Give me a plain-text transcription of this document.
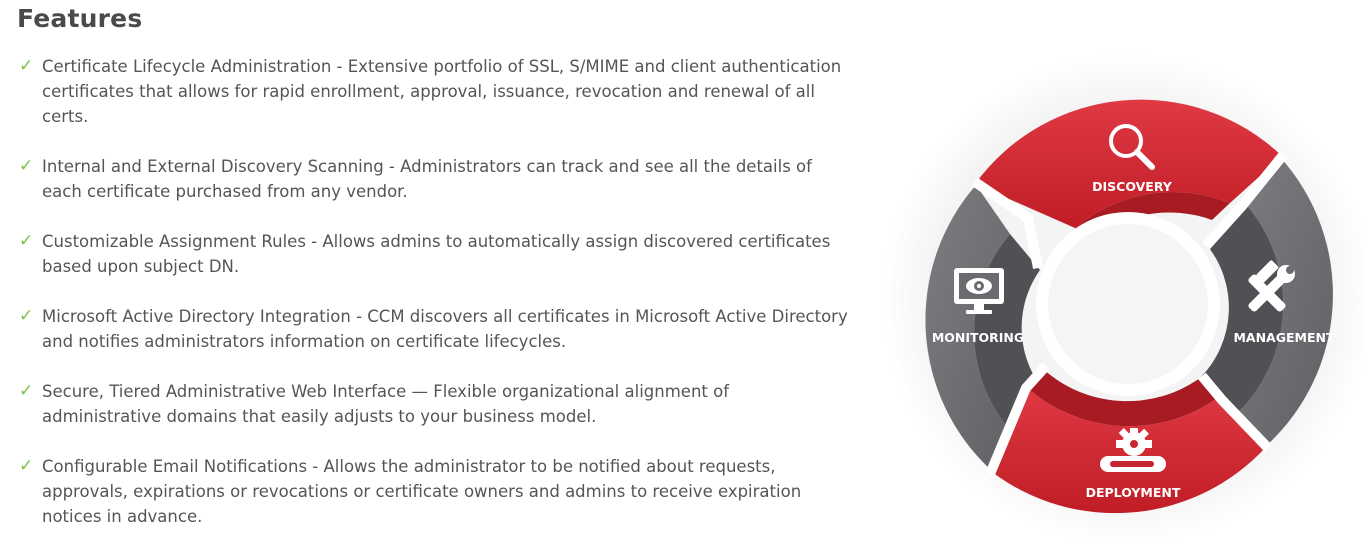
Features
✓ Certificate Lifecycle Administration - Extensive portfolio of SSL, S/MIME and client authentication certificates that allows for rapid enrollment, approval, issuance, revocation and renewal of all certs.
✓ Internal and External Discovery Scanning - Administrators can track and see all the details of each certificate purchased from any vendor.
✓ Customizable Assignment Rules - Allows admins to automatically assign discovered certificates based upon subject DN.
✓ Microsoft Active Directory Integration - CCM discovers all certificates in Microsoft Active Directory and notifies administrators information on certificate lifecycles.
✓ Secure, Tiered Administrative Web Interface — Flexible organizational alignment of administrative domains that easily adjusts to your business model.
✓ Configurable Email Notifications - Allows the administrator to be notified about requests, approvals, expirations or revocations or certificate owners and admins to receive expiration notices in advance.
DISCOVERY
MANAGEMENT
DEPLOYMENT
MONITORING
